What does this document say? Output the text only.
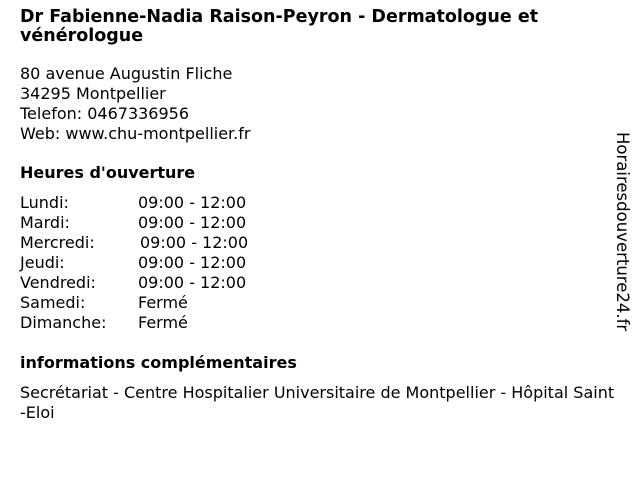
Dr Fabienne-Nadia Raison-Peyron - Dermatologue et vénérologue
80 avenue Augustin Fliche
34295 Montpellier
Telefon: 0467336956
Web: www.chu-montpellier.fr
Heures d'ouverture
Lundi:	09:00 - 12:00
Mardi:	09:00 - 12:00
Mercredi:	09:00 - 12:00
Jeudi:	09:00 - 12:00
Vendredi:	09:00 - 12:00
Samedi:	Fermé
Dimanche: Fermé
informations complémentaires
Secrétariat - Centre Hospitalier Universitaire de Montpellier - Hôpital Saint-Eloi
Horairesdouverture24.fr
